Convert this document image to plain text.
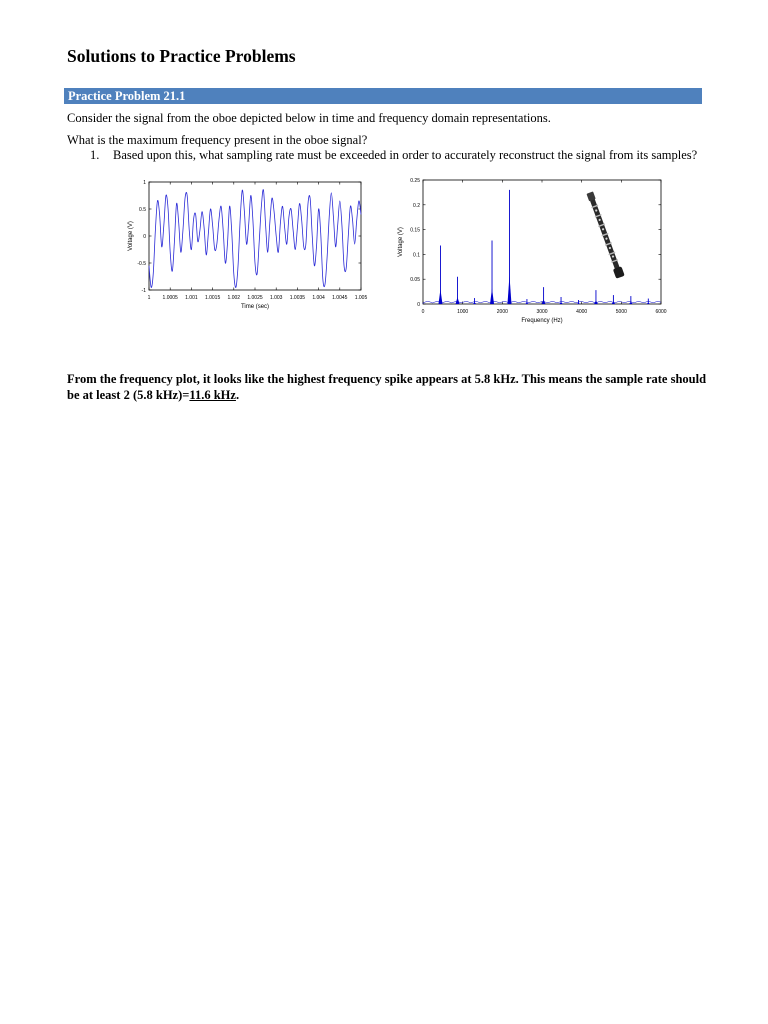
Solutions to Practice Problems
Practice Problem 21.1
Consider the signal from the oboe depicted below in time and frequency domain representations.
What is the maximum frequency present in the oboe signal?
1. Based upon this, what sampling rate must be exceeded in order to accurately reconstruct the signal from its samples?
1 1.0005 1.001 1.0015 1.002 1.0025 1.003 1.0035 1.004 1.0045 1.005
-1
-0.5
0
0.5
1
Time (sec)
Voltage (V)
0	1000	2000	3000	4000	5000	6000
0
0.05
0.1
0.15
0.2
0.25
Frequency (Hz)
Voltage (V)
From the frequency plot, it looks like the highest frequency spike appears at 5.8 kHz. This means the sample rate should be at least 2 (5.8 kHz)=11.6 kHz.
